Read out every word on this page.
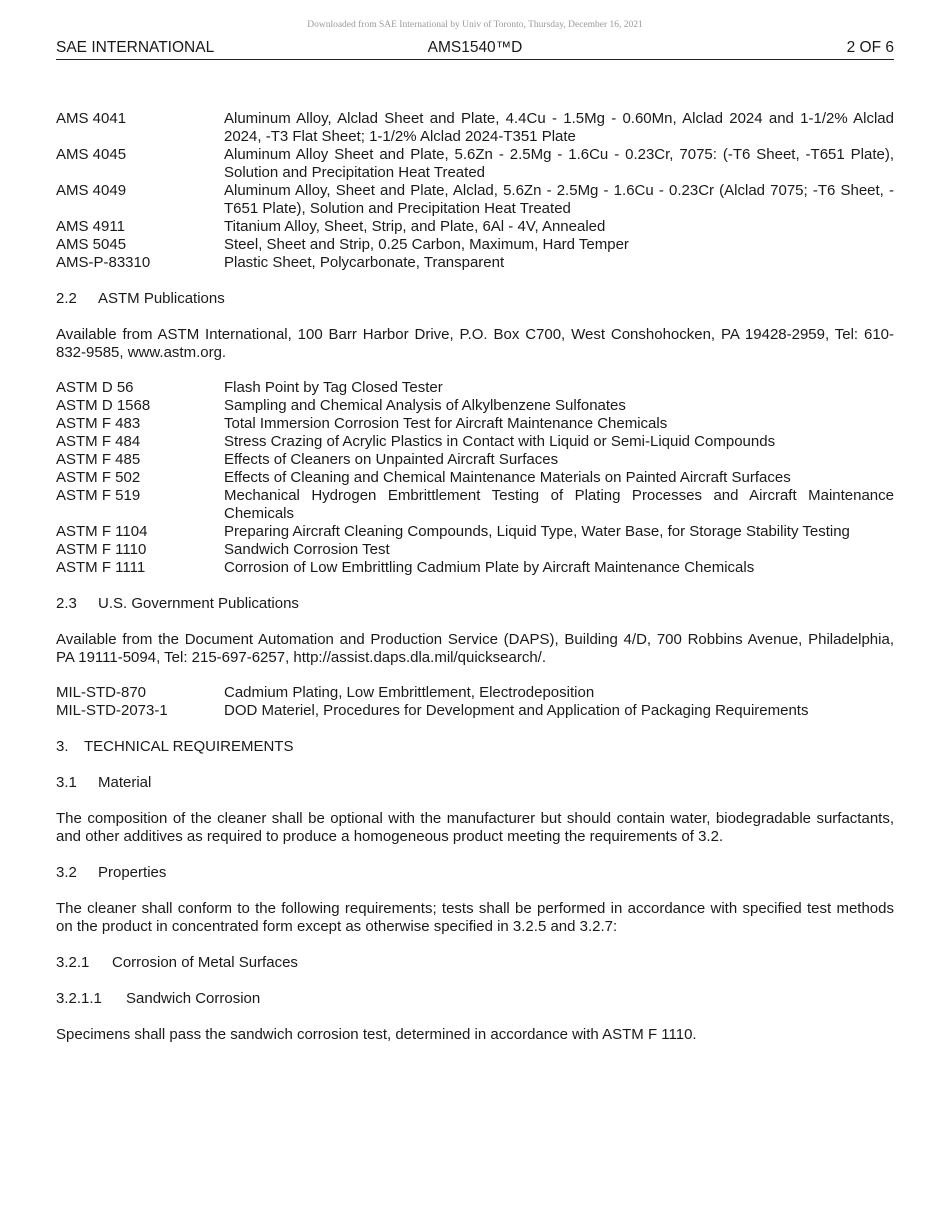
Downloaded from SAE International by Univ of Toronto, Thursday, December 16, 2021
SAE INTERNATIONAL	AMS1540™D	2 OF 6
AMS 4041	Aluminum Alloy, Alclad Sheet and Plate, 4.4Cu - 1.5Mg - 0.60Mn, Alclad 2024 and 1-1/2% Alclad 2024, -T3 Flat Sheet; 1-1/2% Alclad 2024-T351 Plate
AMS 4045	Aluminum Alloy Sheet and Plate, 5.6Zn - 2.5Mg - 1.6Cu - 0.23Cr, 7075: (-T6 Sheet, -T651 Plate), Solution and Precipitation Heat Treated
AMS 4049	Aluminum Alloy, Sheet and Plate, Alclad, 5.6Zn - 2.5Mg - 1.6Cu - 0.23Cr (Alclad 7075; -T6 Sheet, -T651 Plate), Solution and Precipitation Heat Treated
AMS 4911	Titanium Alloy, Sheet, Strip, and Plate, 6Al - 4V, Annealed
AMS 5045	Steel, Sheet and Strip, 0.25 Carbon, Maximum, Hard Temper
AMS-P-83310	Plastic Sheet, Polycarbonate, Transparent
2.2 ASTM Publications
Available from ASTM International, 100 Barr Harbor Drive, P.O. Box C700, West Conshohocken, PA 19428-2959, Tel: 610-832-9585, www.astm.org.
ASTM D 56	Flash Point by Tag Closed Tester
ASTM D 1568	Sampling and Chemical Analysis of Alkylbenzene Sulfonates
ASTM F 483	Total Immersion Corrosion Test for Aircraft Maintenance Chemicals
ASTM F 484	Stress Crazing of Acrylic Plastics in Contact with Liquid or Semi-Liquid Compounds
ASTM F 485	Effects of Cleaners on Unpainted Aircraft Surfaces
ASTM F 502	Effects of Cleaning and Chemical Maintenance Materials on Painted Aircraft Surfaces
ASTM F 519	Mechanical Hydrogen Embrittlement Testing of Plating Processes and Aircraft Maintenance Chemicals
ASTM F 1104	Preparing Aircraft Cleaning Compounds, Liquid Type, Water Base, for Storage Stability Testing
ASTM F 1110	Sandwich Corrosion Test
ASTM F 1111	Corrosion of Low Embrittling Cadmium Plate by Aircraft Maintenance Chemicals
2.3 U.S. Government Publications
Available from the Document Automation and Production Service (DAPS), Building 4/D, 700 Robbins Avenue, Philadelphia, PA 19111-5094, Tel: 215-697-6257, http://assist.daps.dla.mil/quicksearch/.
MIL-STD-870	Cadmium Plating, Low Embrittlement, Electrodeposition
MIL-STD-2073-1	DOD Materiel, Procedures for Development and Application of Packaging Requirements
3. TECHNICAL REQUIREMENTS
3.1 Material
The composition of the cleaner shall be optional with the manufacturer but should contain water, biodegradable surfactants, and other additives as required to produce a homogeneous product meeting the requirements of 3.2.
3.2 Properties
The cleaner shall conform to the following requirements; tests shall be performed in accordance with specified test methods on the product in concentrated form except as otherwise specified in 3.2.5 and 3.2.7:
3.2.1 Corrosion of Metal Surfaces
3.2.1.1 Sandwich Corrosion
Specimens shall pass the sandwich corrosion test, determined in accordance with ASTM F 1110.
